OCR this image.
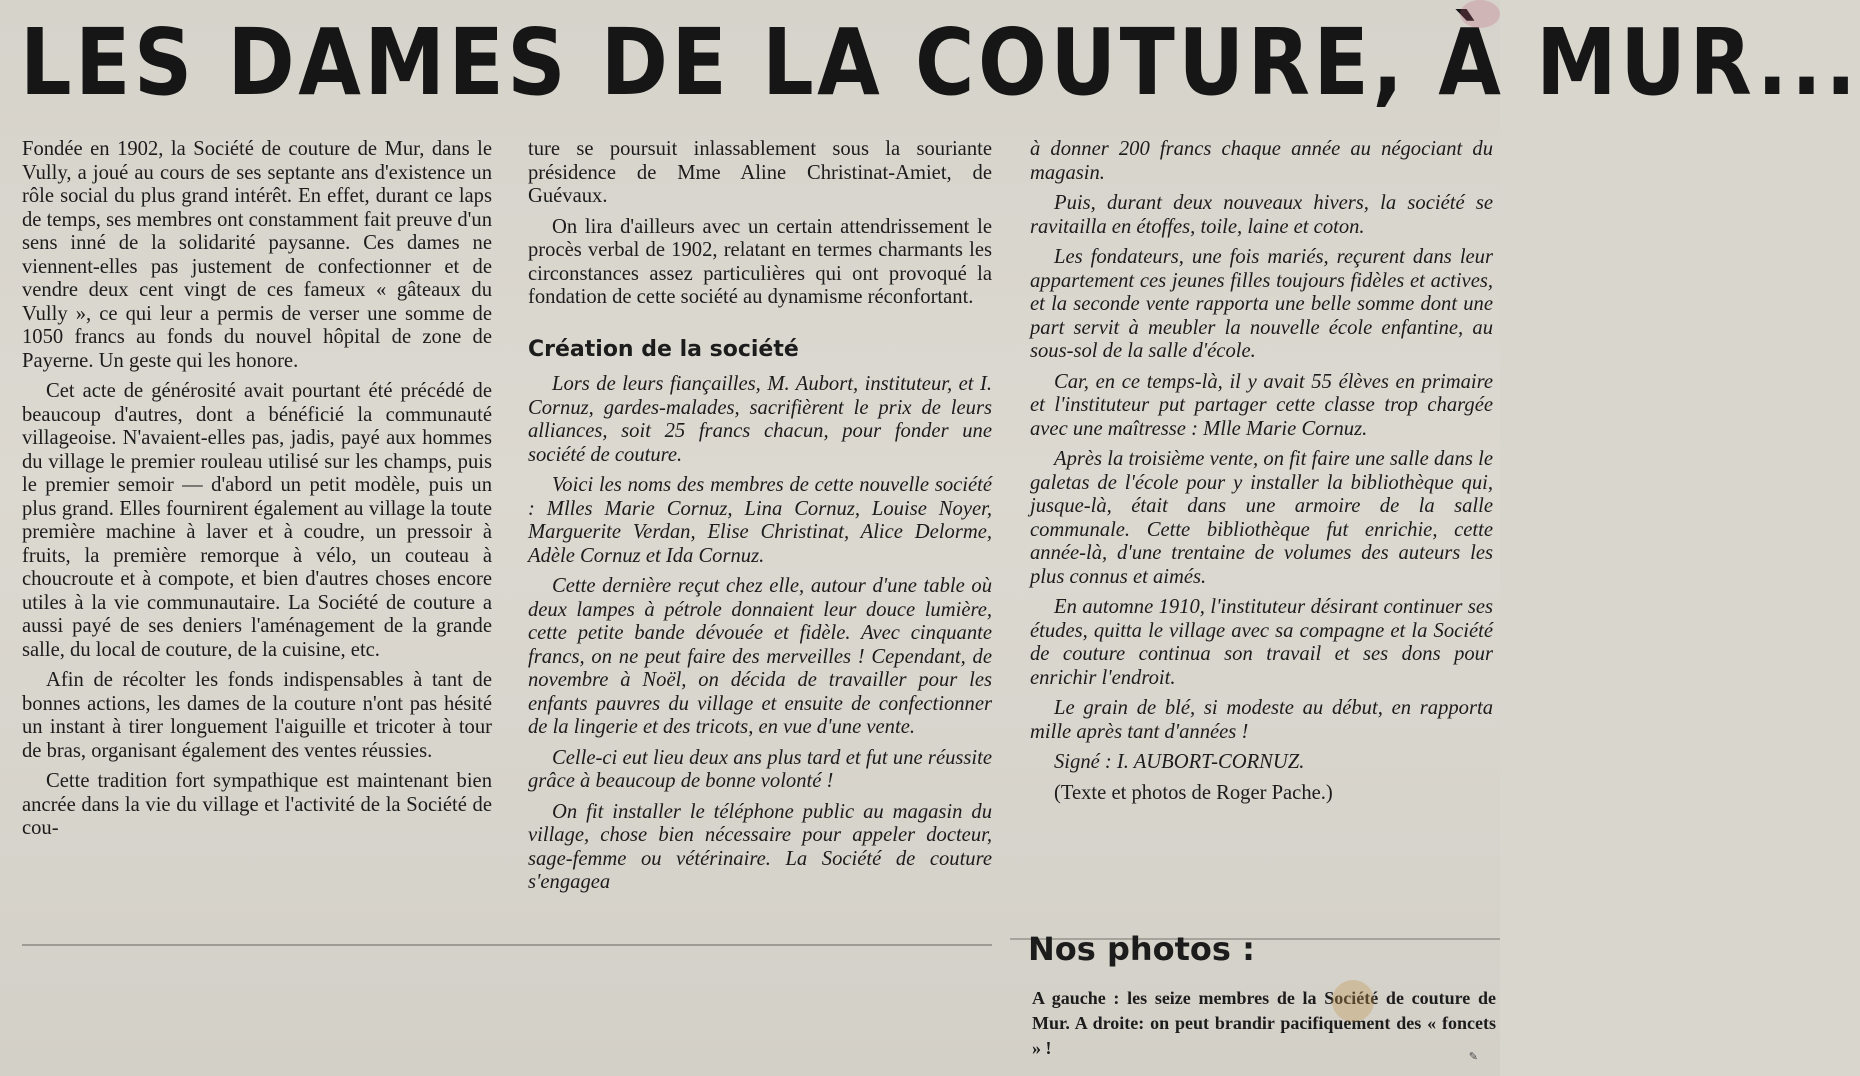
LES DAMES DE LA COUTURE, À MUR...

Fondée en 1902, la Société de couture de Mur, dans le Vully, a joué au cours de ses septante ans d'existence un rôle social du plus grand intérêt. En effet, durant ce laps de temps, ses membres ont constamment fait preuve d'un sens inné de la solidarité paysanne. Ces dames ne viennent-elles pas justement de confectionner et de vendre deux cent vingt de ces fameux « gâteaux du Vully », ce qui leur a permis de verser une somme de 1050 francs au fonds du nouvel hôpital de zone de Payerne. Un geste qui les honore.

Cet acte de générosité avait pourtant été précédé de beaucoup d'autres, dont a bénéficié la communauté villageoise. N'avaient-elles pas, jadis, payé aux hommes du village le premier rouleau utilisé sur les champs, puis le premier semoir — d'abord un petit modèle, puis un plus grand. Elles fournirent également au village la toute première machine à laver et à coudre, un pressoir à fruits, la première remorque à vélo, un couteau à choucroute et à compote, et bien d'autres choses encore utiles à la vie communautaire. La Société de couture a aussi payé de ses deniers l'aménagement de la grande salle, du local de couture, de la cuisine, etc.

Afin de récolter les fonds indispensables à tant de bonnes actions, les dames de la couture n'ont pas hésité un instant à tirer longuement l'aiguille et tricoter à tour de bras, organisant également des ventes réussies.

Cette tradition fort sympathique est maintenant bien ancrée dans la vie du village et l'activité de la Société de cou-

ture se poursuit inlassablement sous la souriante présidence de Mme Aline Christinat-Amiet, de Guévaux.

On lira d'ailleurs avec un certain attendrissement le procès verbal de 1902, relatant en termes charmants les circonstances assez particulières qui ont provoqué la fondation de cette société au dynamisme réconfortant.

Création de la société

Lors de leurs fiançailles, M. Aubort, instituteur, et I. Cornuz, gardes-malades, sacrifièrent le prix de leurs alliances, soit 25 francs chacun, pour fonder une société de couture.

Voici les noms des membres de cette nouvelle société : Mlles Marie Cornuz, Lina Cornuz, Louise Noyer, Marguerite Verdan, Elise Christinat, Alice Delorme, Adèle Cornuz et Ida Cornuz.

Cette dernière reçut chez elle, autour d'une table où deux lampes à pétrole donnaient leur douce lumière, cette petite bande dévouée et fidèle. Avec cinquante francs, on ne peut faire des merveilles ! Cependant, de novembre à Noël, on décida de travailler pour les enfants pauvres du village et ensuite de confectionner de la lingerie et des tricots, en vue d'une vente.

Celle-ci eut lieu deux ans plus tard et fut une réussite grâce à beaucoup de bonne volonté !

On fit installer le téléphone public au magasin du village, chose bien nécessaire pour appeler docteur, sage-femme ou vétérinaire. La Société de couture s'engagea

à donner 200 francs chaque année au négociant du magasin.

Puis, durant deux nouveaux hivers, la société se ravitailla en étoffes, toile, laine et coton.

Les fondateurs, une fois mariés, reçurent dans leur appartement ces jeunes filles toujours fidèles et actives, et la seconde vente rapporta une belle somme dont une part servit à meubler la nouvelle école enfantine, au sous-sol de la salle d'école.

Car, en ce temps-là, il y avait 55 élèves en primaire et l'instituteur put partager cette classe trop chargée avec une maîtresse : Mlle Marie Cornuz.

Après la troisième vente, on fit faire une salle dans le galetas de l'école pour y installer la bibliothèque qui, jusque-là, était dans une armoire de la salle communale. Cette bibliothèque fut enrichie, cette année-là, d'une trentaine de volumes des auteurs les plus connus et aimés.

En automne 1910, l'instituteur désirant continuer ses études, quitta le village avec sa compagne et la Société de couture continua son travail et ses dons pour enrichir l'endroit.

Le grain de blé, si modeste au début, en rapporta mille après tant d'années !

Signé : I. AUBORT-CORNUZ.

(Texte et photos de Roger Pache.)

Nos photos :

A gauche : les seize membres de la Société de couture de Mur. A droite: on peut brandir pacifiquement des « foncets » !	✎
